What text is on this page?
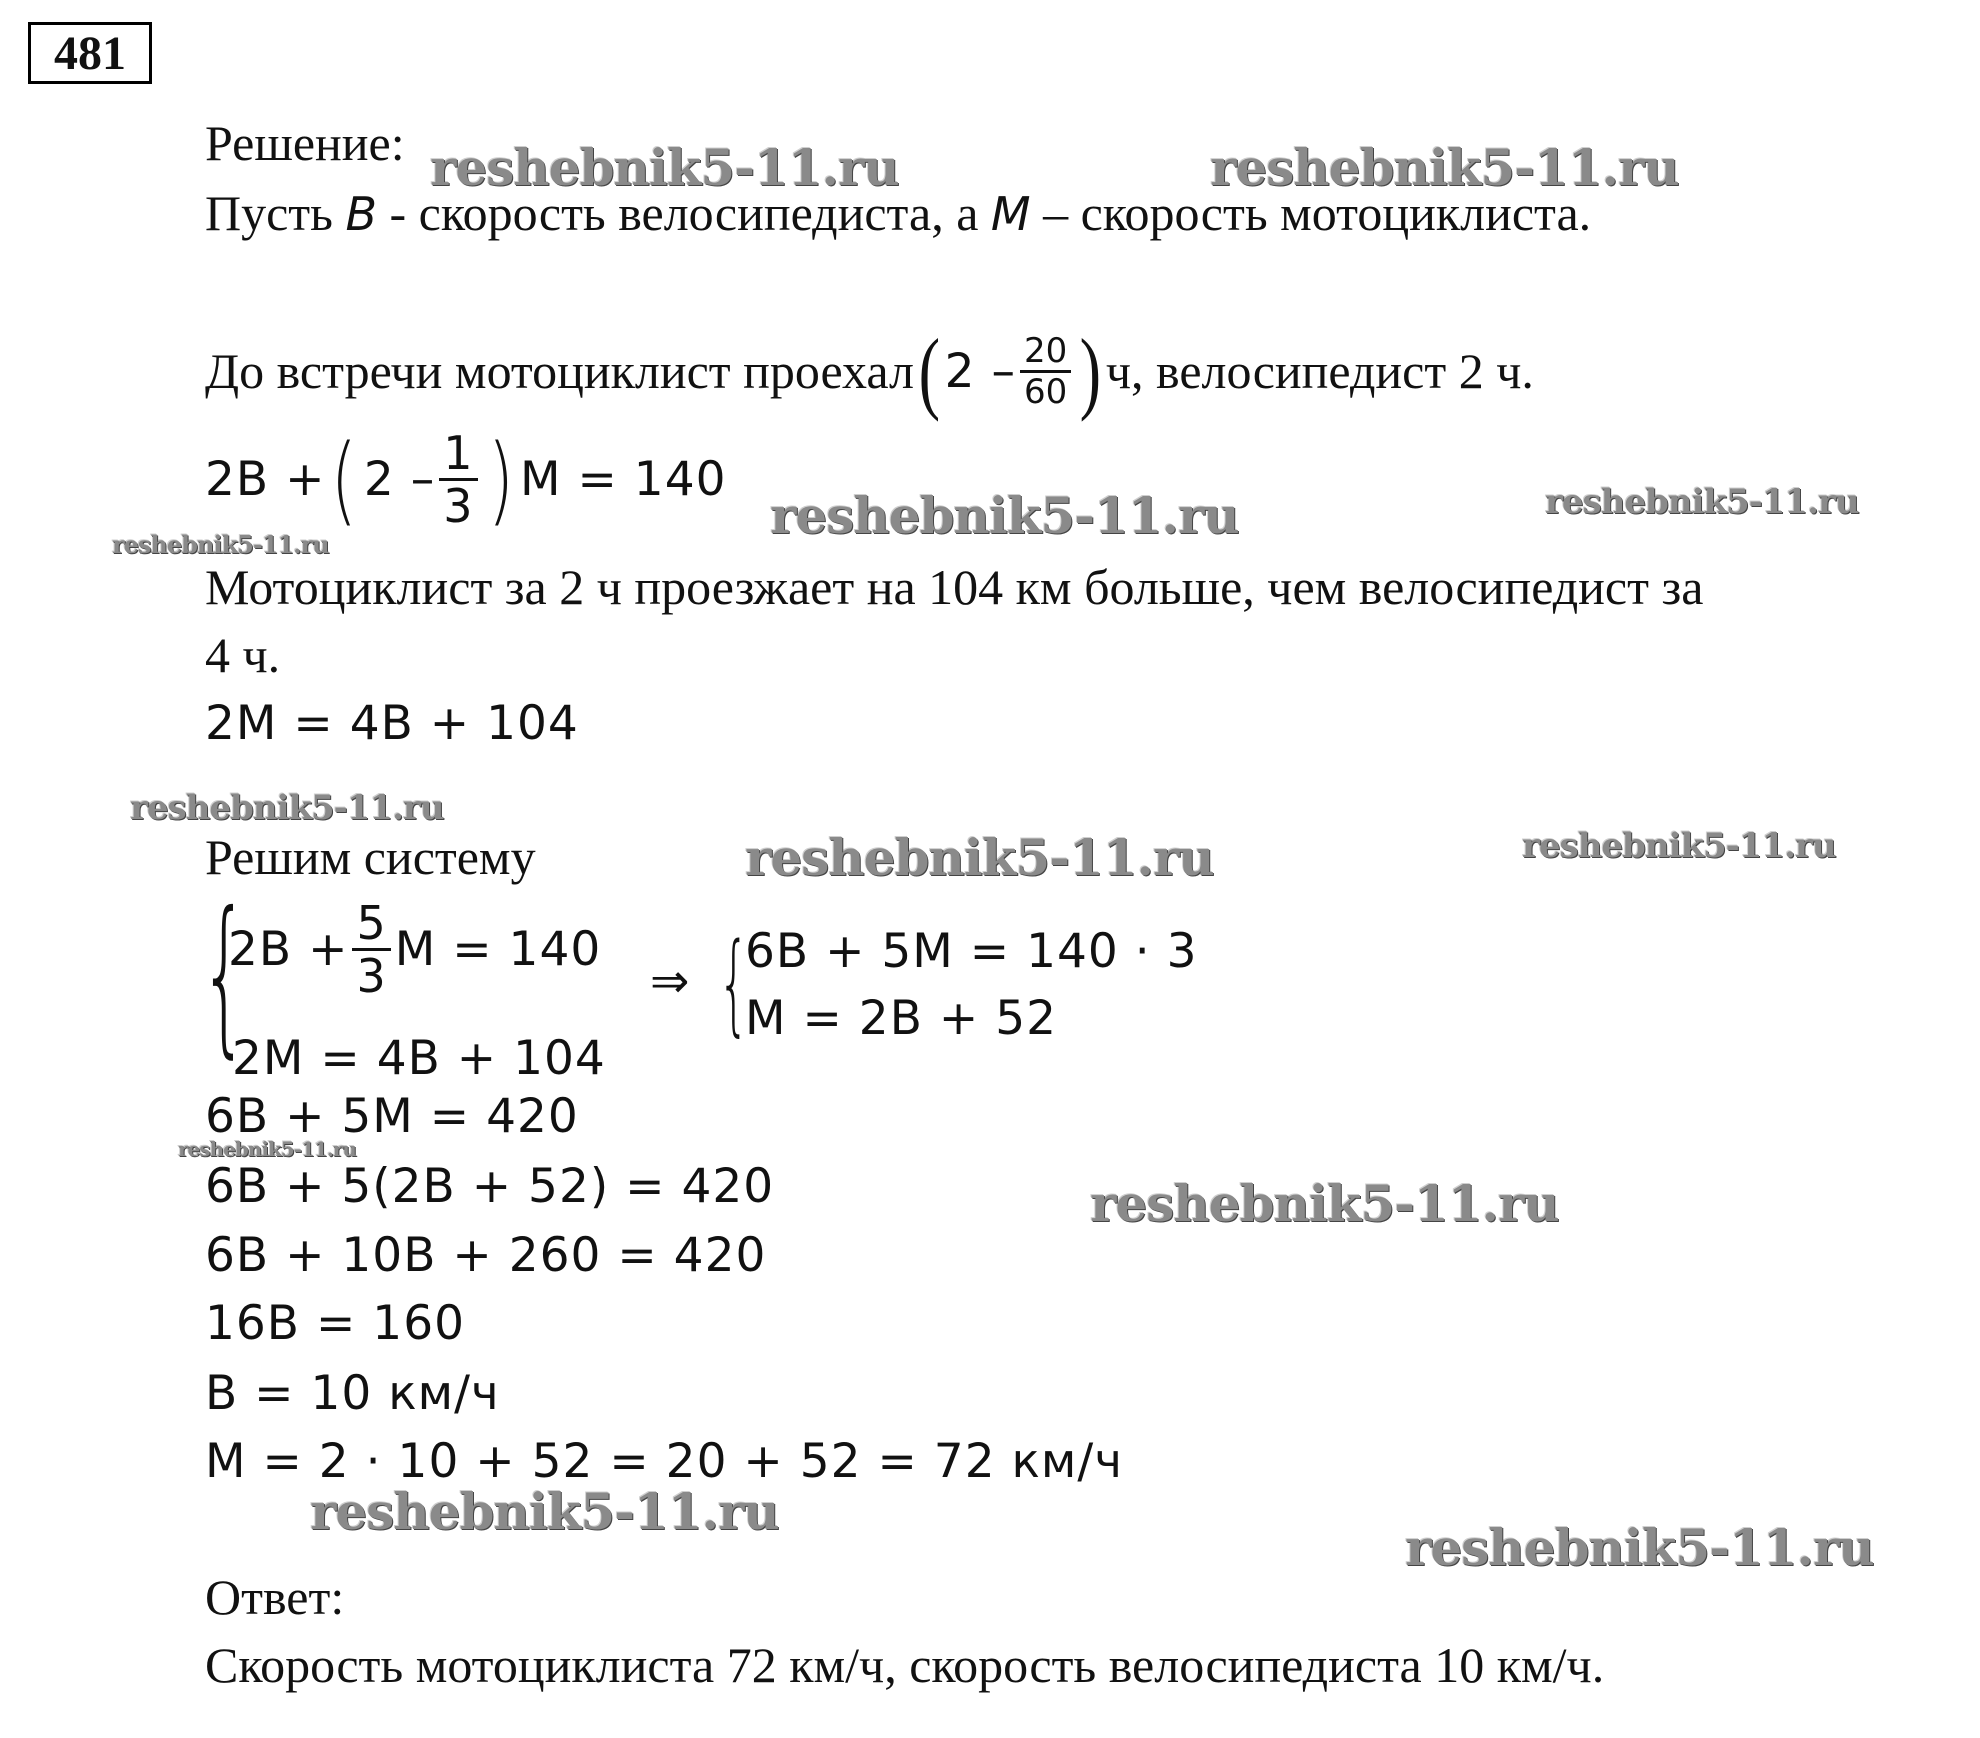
481
Решение:
Пусть B - скорость велосипедиста, а M – скорость мотоциклиста.
До встречи мотоциклист проехал ( $2 - \frac{20}{60}$ ) ч, велосипедист 2 ч.
2B + ( $2 - \frac{1}{3}$ ) M = 140
Мотоциклист за 2 ч проезжает на 104 км больше, чем велосипедист за
4 ч.
2M = 4B + 104
Решим систему
{
$2B + \frac{5}{3}$ M = 140
2M = 4B + 104
⇒ {
6B + 5M = 140 · 3
M = 2B + 52
6B + 5M = 420
6B + 5(2B + 52) = 420
6B + 10B + 260 = 420
16B = 160
B = 10 км/ч
M = 2 · 10 + 52 = 20 + 52 = 72 км/ч
Ответ:
Скорость мотоциклиста 72 км/ч, скорость велосипедиста 10 км/ч.
reshebnik5-11.ru	reshebnik5-11.ru
reshebnik5-11.ru	reshebnik5-11.ru
reshebnik5-11.ru
reshebnik5-11.ru
reshebnik5-11.ru	reshebnik5-11.ru
reshebnik5-11.ru
reshebnik5-11.ru
reshebnik5-11.ru
reshebnik5-11.ru
